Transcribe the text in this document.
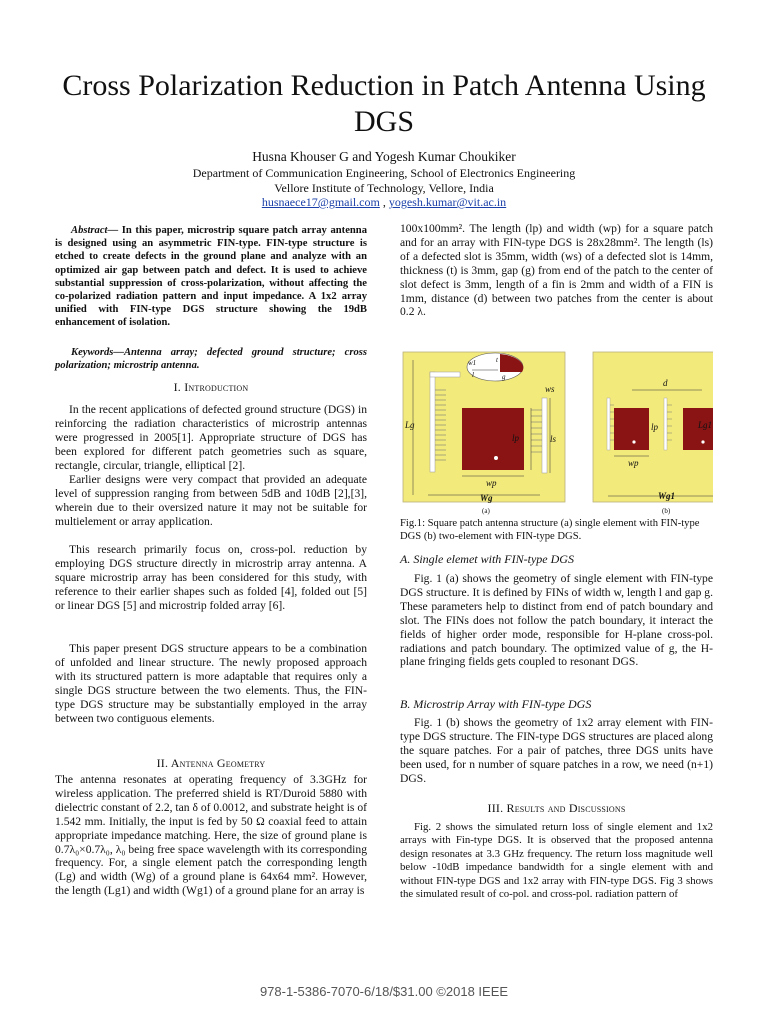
Cross Polarization Reduction in Patch Antenna Using DGS
Husna Khouser G and Yogesh Kumar Choukiker
Department of Communication Engineering, School of Electronics Engineering
Vellore Institute of Technology, Vellore, India
husnaece17@gmail.com , yogesh.kumar@vit.ac.in
Abstract— In this paper, microstrip square patch array antenna is designed using an asymmetric FIN-type. FIN-type structure is etched to create defects in the ground plane and analyze with an optimized air gap between patch and defect. It is used to achieve substantial suppression of cross-polarization, without affecting the co-polarized radiation pattern and input impedance. A 1x2 array unified with FIN-type DGS structure showing the 19dB enhancement of isolation.
Keywords—Antenna array; defected ground structure; cross polarization; microstrip antenna.
I. Introduction
In the recent applications of defected ground structure (DGS) in reinforcing the radiation characteristics of microstrip antennas were progressed in 2005[1]. Appropriate structure of DGS has been explored for different patch geometries such as square, rectangle, circular, triangle, elliptical [2].
Earlier designs were very compact that provided an adequate level of suppression ranging from between 5dB and 10dB [2],[3], wherein due to their oversized nature it may not be suitable for multielement or array application.
This research primarily focus on, cross-pol. reduction by employing DGS structure directly in microstrip array antenna. A square microstrip array has been considered for this study, with reference to their earlier shapes such as folded [4], folded out [5] or linear DGS [5] and microstrip folded array [6].
This paper present DGS structure appears to be a combination of unfolded and linear structure. The newly proposed approach with its structured pattern is more adaptable that requires only a single DGS structure between the two elements. Thus, the FIN-type DGS structure may be substantially employed in the array between two contiguous elements.
II. Antenna Geometry
The antenna resonates at operating frequency of 3.3GHz for wireless application. The preferred shield is RT/Duroid 5880 with dielectric constant of 2.2, tan δ of 0.0012, and substrate height is of 1.542 mm. Initially, the input is fed by 50 Ω coaxial feed to attain appropriate impedance matching. Here, the size of ground plane is 0.7λ₀×0.7λ₀, λ₀ being free space wavelength with its corresponding frequency. For, a single element patch the corresponding length (Lg) and width (Wg) of a ground plane is 64x64 mm². However, the length (Lg1) and width (Wg1) of a ground plane for an array is
100x100mm². The length (lp) and width (wp) for a square patch and for an array with FIN-type DGS is 28x28mm². The length (ls) of a defected slot is 35mm, width (ws) of a defected slot is 14mm, thickness (t) is 3mm, gap (g) from end of the patch to the center of slot defect is 3mm, length of a fin is 2mm and width of a FIN is 1mm, distance (d) between two patches from the center is about 0.2 λ.
Lg
lp	ls
wp
Wg
ws
w1	t
l	g
(a)
Lg1
d
lp
wp
Wg1
(b)
Fig.1: Square patch antenna structure (a) single element with FIN-type DGS (b) two-element with FIN-type DGS.
A. Single elemet with FIN-type DGS
Fig. 1 (a) shows the geometry of single element with FIN-type DGS structure. It is defined by FINs of width w, length l and gap g. These parameters help to distinct from end of patch boundary and slot. The FINs does not follow the patch boundary, it interact the fields of higher order mode, responsible for H-plane cross-pol. radiations and patch boundary. The optimized value of g, the H-plane fringing fields gets coupled to resonant DGS.
B. Microstrip Array with FIN-type DGS
Fig. 1 (b) shows the geometry of 1x2 array element with FIN-type DGS structure. The FIN-type DGS structures are placed along the square patches. For a pair of patches, three DGS units have been used, for n number of square patches in a row, we need (n+1) DGS.
III. Results and Discussions
Fig. 2 shows the simulated return loss of single element and 1x2 arrays with Fin-type DGS. It is observed that the proposed antenna design resonates at 3.3 GHz frequency. The return loss magnitude well below -10dB impedance bandwidth for a single element with and without FIN-type DGS and 1x2 array with FIN-type DGS. Fig 3 shows the simulated result of co-pol. and cross-pol. radiation pattern of
978-1-5386-7070-6/18/$31.00 ©2018 IEEE
